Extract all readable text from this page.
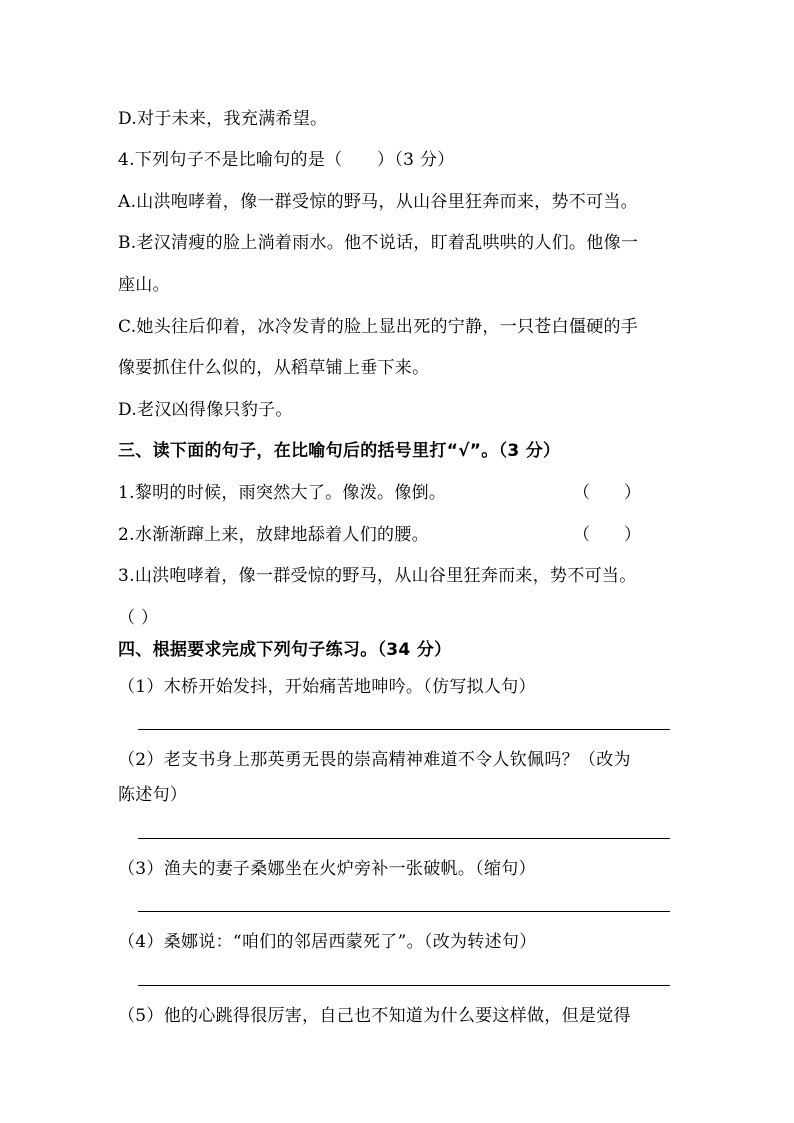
D.对于未来，我充满希望。
4.下列句子不是比喻句的是（　　）（3 分）
A.山洪咆哮着，像一群受惊的野马，从山谷里狂奔而来，势不可当。
B.老汉清瘦的脸上淌着雨水。他不说话，盯着乱哄哄的人们。他像一
座山。
C.她头往后仰着，冰冷发青的脸上显出死的宁静，一只苍白僵硬的手
像要抓住什么似的，从稻草铺上垂下来。
D.老汉凶得像只豹子。
三、读下面的句子，在比喻句后的括号里打“√”。（3 分）
1.黎明的时候，雨突然大了。像泼。像倒。	（　　）
2.水渐渐蹿上来，放肆地舔着人们的腰。	（　　）
3.山洪咆哮着，像一群受惊的野马，从山谷里狂奔而来，势不可当。
（ ）
四、根据要求完成下列句子练习。（34 分）
（1）木桥开始发抖，开始痛苦地呻吟。（仿写拟人句）
（2）老支书身上那英勇无畏的崇高精神难道不令人钦佩吗？（改为
陈述句）
（3）渔夫的妻子桑娜坐在火炉旁补一张破帆。（缩句）
（4）桑娜说：“咱们的邻居西蒙死了”。（改为转述句）
（5）他的心跳得很厉害，自己也不知道为什么要这样做，但是觉得
